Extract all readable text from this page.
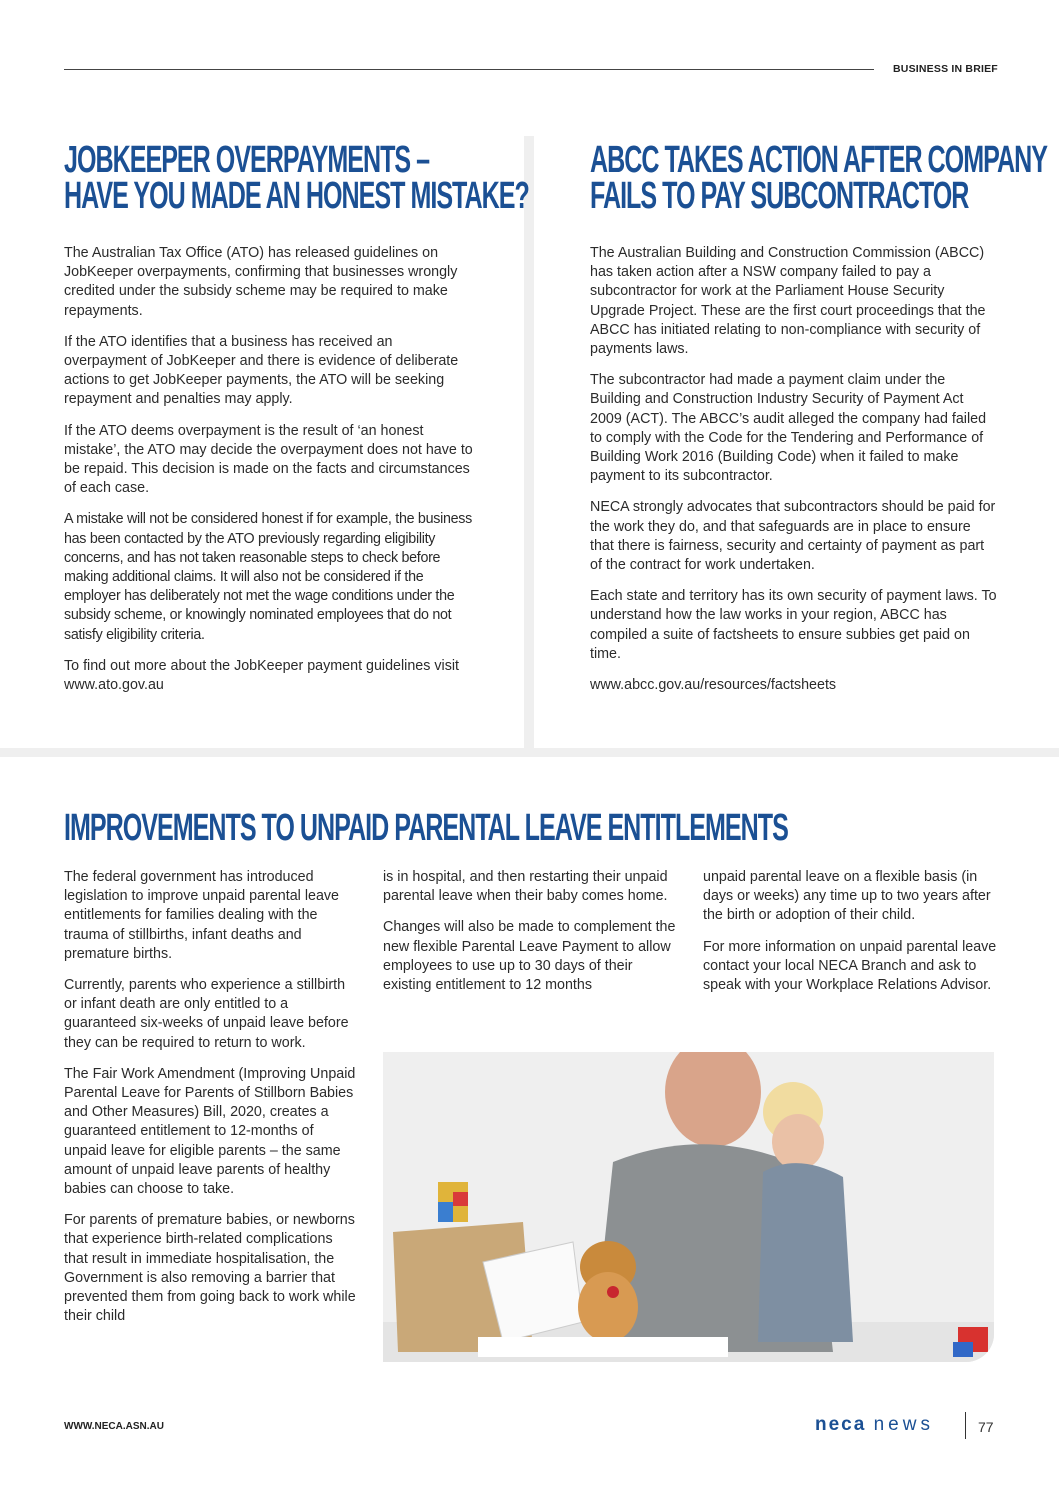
BUSINESS IN BRIEF
JOBKEEPER OVERPAYMENTS –
HAVE YOU MADE AN HONEST MISTAKE?

The Australian Tax Office (ATO) has released guidelines on JobKeeper overpayments, confirming that businesses wrongly credited under the subsidy scheme may be required to make repayments.

If the ATO identifies that a business has received an overpayment of JobKeeper and there is evidence of deliberate actions to get JobKeeper payments, the ATO will be seeking repayment and penalties may apply.

If the ATO deems overpayment is the result of ‘an honest mistake’, the ATO may decide the overpayment does not have to be repaid. This decision is made on the facts and circumstances of each case.

A mistake will not be considered honest if for example, the business has been contacted by the ATO previously regarding eligibility concerns, and has not taken reasonable steps to check before making additional claims. It will also not be considered if the employer has deliberately not met the wage conditions under the subsidy scheme, or knowingly nominated employees that do not satisfy eligibility criteria.

To find out more about the JobKeeper payment guidelines visit www.ato.gov.au

ABCC TAKES ACTION AFTER COMPANY
FAILS TO PAY SUBCONTRACTOR

The Australian Building and Construction Commission (ABCC) has taken action after a NSW company failed to pay a subcontractor for work at the Parliament House Security Upgrade Project. These are the first court proceedings that the ABCC has initiated relating to non-compliance with security of payments laws.

The subcontractor had made a payment claim under the Building and Construction Industry Security of Payment Act 2009 (ACT). The ABCC’s audit alleged the company had failed to comply with the Code for the Tendering and Performance of Building Work 2016 (Building Code) when it failed to make payment to its subcontractor.

NECA strongly advocates that subcontractors should be paid for the work they do, and that safeguards are in place to ensure that there is fairness, security and certainty of payment as part of the contract for work undertaken.

Each state and territory has its own security of payment laws. To understand how the law works in your region, ABCC has compiled a suite of factsheets to ensure subbies get paid on time.

www.abcc.gov.au/resources/factsheets

IMPROVEMENTS TO UNPAID PARENTAL LEAVE ENTITLEMENTS

The federal government has introduced legislation to improve unpaid parental leave entitlements for families dealing with the trauma of stillbirths, infant deaths and premature births.

Currently, parents who experience a stillbirth or infant death are only entitled to a guaranteed six-weeks of unpaid leave before they can be required to return to work.

The Fair Work Amendment (Improving Unpaid Parental Leave for Parents of Stillborn Babies and Other Measures) Bill, 2020, creates a guaranteed entitlement to 12-months of unpaid leave for eligible parents – the same amount of unpaid leave parents of healthy babies can choose to take.

For parents of premature babies, or newborns that experience birth-related complications that result in immediate hospitalisation, the Government is also removing a barrier that prevented them from going back to work while their child

is in hospital, and then restarting their unpaid parental leave when their baby comes home.

Changes will also be made to complement the new flexible Parental Leave Payment to allow employees to use up to 30 days of their existing entitlement to 12 months

unpaid parental leave on a flexible basis (in days or weeks) any time up to two years after the birth or adoption of their child.

For more information on unpaid parental leave contact your local NECA Branch and ask to speak with your Workplace Relations Advisor.

WWW.NECA.ASN.AU	neca news	77
